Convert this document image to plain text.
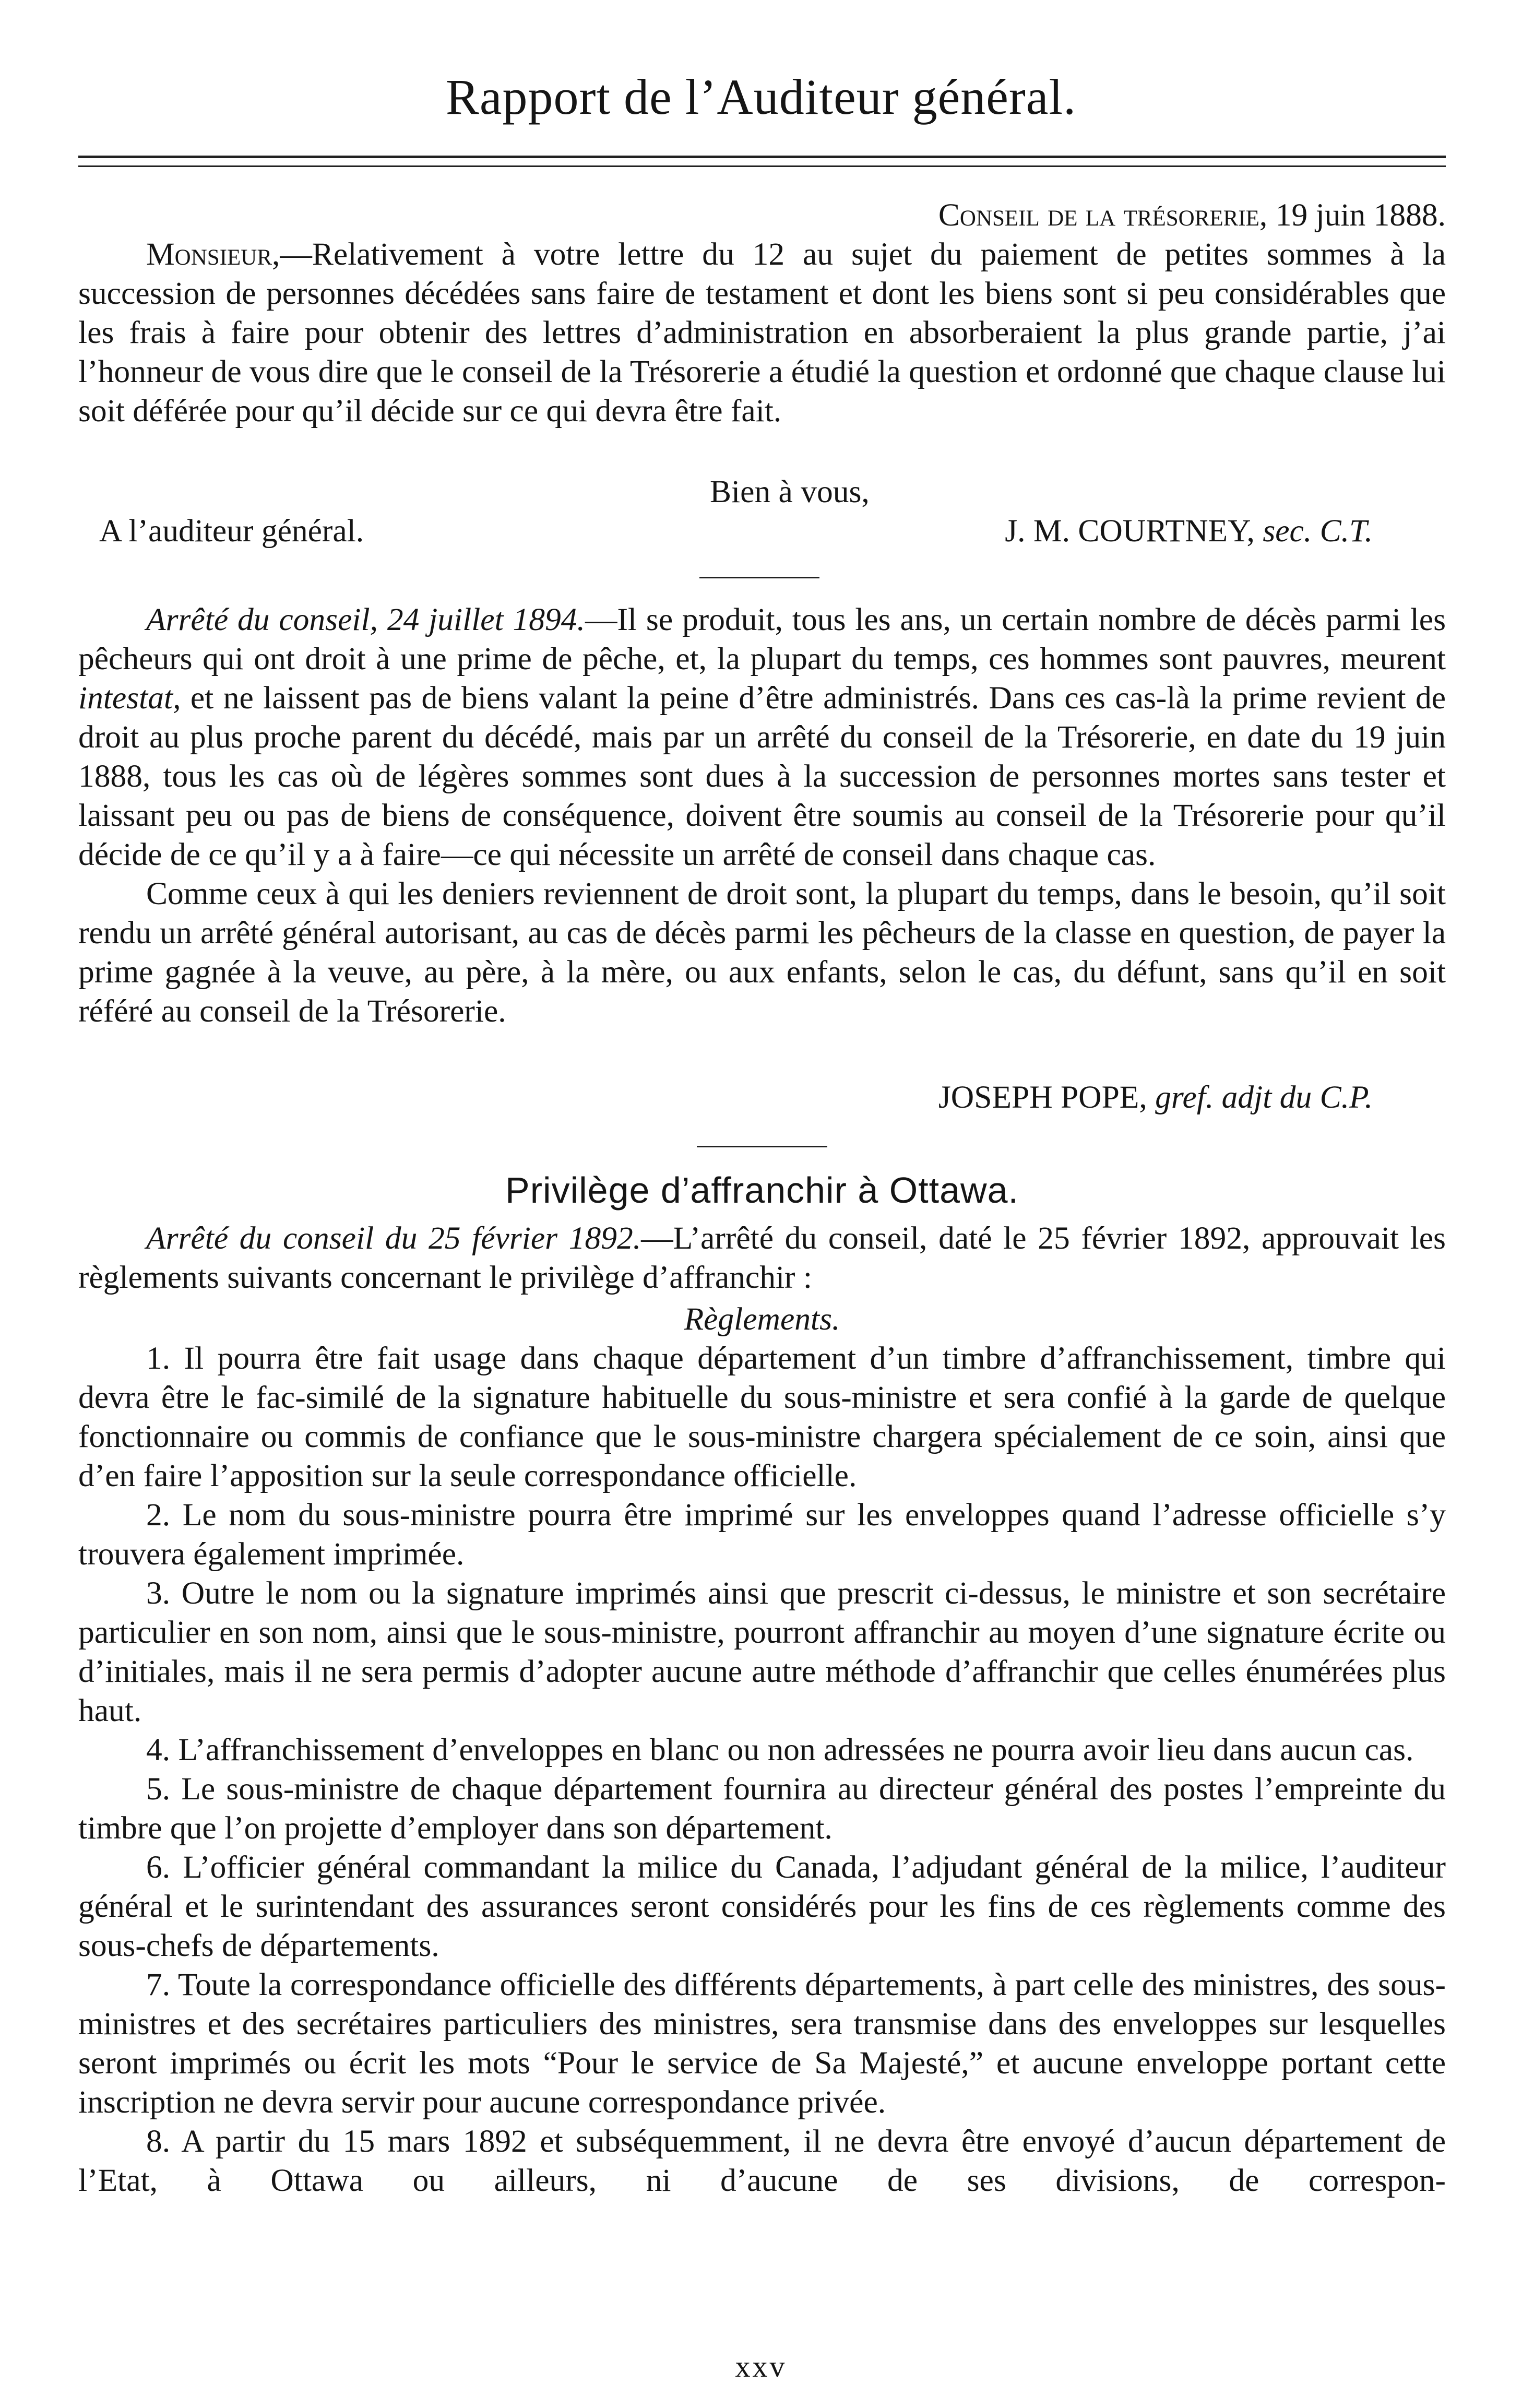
Rapport de l’Auditeur général.

Conseil de la trésorerie, 19 juin 1888.

Monsieur,—Relativement à votre lettre du 12 au sujet du paiement de petites sommes à la succession de personnes décédées sans faire de testament et dont les biens sont si peu considérables que les frais à faire pour obtenir des lettres d’administration en absorberaient la plus grande partie, j’ai l’honneur de vous dire que le conseil de la Trésorerie a étudié la question et ordonné que chaque clause lui soit déférée pour qu’il décide sur ce qui devra être fait.

Bien à vous,

A l’auditeur général.	J. M. COURTNEY, sec. C.T.

Arrêté du conseil, 24 juillet 1894.—Il se produit, tous les ans, un certain nombre de décès parmi les pêcheurs qui ont droit à une prime de pêche, et, la plupart du temps, ces hommes sont pauvres, meurent intestat, et ne laissent pas de biens valant la peine d’être administrés. Dans ces cas-là la prime revient de droit au plus proche parent du décédé, mais par un arrêté du conseil de la Trésorerie, en date du 19 juin 1888, tous les cas où de légères sommes sont dues à la succession de personnes mortes sans tester et laissant peu ou pas de biens de conséquence, doivent être soumis au conseil de la Trésorerie pour qu’il décide de ce qu’il y a à faire—ce qui nécessite un arrêté de conseil dans chaque cas.

Comme ceux à qui les deniers reviennent de droit sont, la plupart du temps, dans le besoin, qu’il soit rendu un arrêté général autorisant, au cas de décès parmi les pêcheurs de la classe en question, de payer la prime gagnée à la veuve, au père, à la mère, ou aux enfants, selon le cas, du défunt, sans qu’il en soit référé au conseil de la Trésorerie.

JOSEPH POPE, gref. adjt du C.P.

Privilège d’affranchir à Ottawa.

Arrêté du conseil du 25 février 1892.—L’arrêté du conseil, daté le 25 février 1892, approuvait les règlements suivants concernant le privilège d’affranchir :

Règlements.

1. Il pourra être fait usage dans chaque département d’un timbre d’affranchissement, timbre qui devra être le fac-similé de la signature habituelle du sous-ministre et sera confié à la garde de quelque fonctionnaire ou commis de confiance que le sous-ministre chargera spécialement de ce soin, ainsi que d’en faire l’apposition sur la seule correspondance officielle.

2. Le nom du sous-ministre pourra être imprimé sur les enveloppes quand l’adresse officielle s’y trouvera également imprimée.

3. Outre le nom ou la signature imprimés ainsi que prescrit ci-dessus, le ministre et son secrétaire particulier en son nom, ainsi que le sous-ministre, pourront affranchir au moyen d’une signature écrite ou d’initiales, mais il ne sera permis d’adopter aucune autre méthode d’affranchir que celles énumérées plus haut.

4. L’affranchissement d’enveloppes en blanc ou non adressées ne pourra avoir lieu dans aucun cas.

5. Le sous-ministre de chaque département fournira au directeur général des postes l’empreinte du timbre que l’on projette d’employer dans son département.

6. L’officier général commandant la milice du Canada, l’adjudant général de la milice, l’auditeur général et le surintendant des assurances seront considérés pour les fins de ces règlements comme des sous-chefs de départements.

7. Toute la correspondance officielle des différents départements, à part celle des ministres, des sous-ministres et des secrétaires particuliers des ministres, sera transmise dans des enveloppes sur lesquelles seront imprimés ou écrit les mots “Pour le service de Sa Majesté,” et aucune enveloppe portant cette inscription ne devra servir pour aucune correspondance privée.

8. A partir du 15 mars 1892 et subséquemment, il ne devra être envoyé d’aucun département de l’Etat, à Ottawa ou ailleurs, ni d’aucune de ses divisions, de correspon-

xxv
